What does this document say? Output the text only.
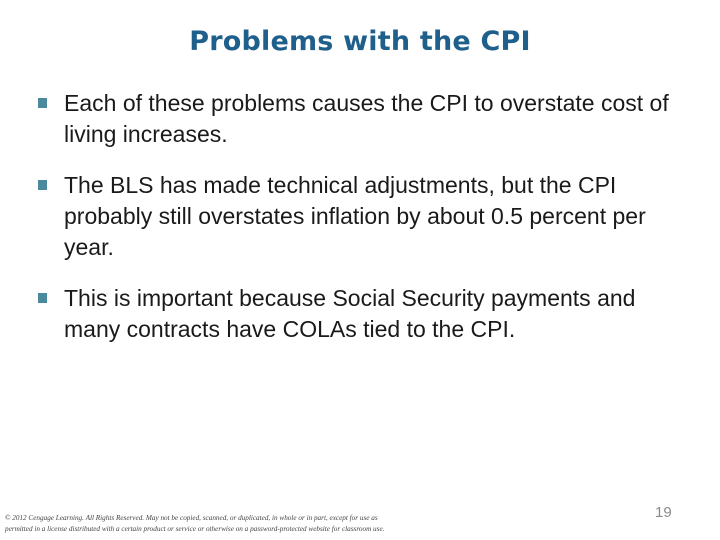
Problems with the CPI
Each of these problems causes the CPI to overstate cost of living increases.
The BLS has made technical adjustments, but the CPI probably still overstates inflation by about 0.5 percent per year.
This is important because Social Security payments and many contracts have COLAs tied to the CPI.
© 2012 Cengage Learning. All Rights Reserved. May not be copied, scanned, or duplicated, in whole or in part, except for use as
permitted in a license distributed with a certain product or service or otherwise on a password-protected website for classroom use.
19
